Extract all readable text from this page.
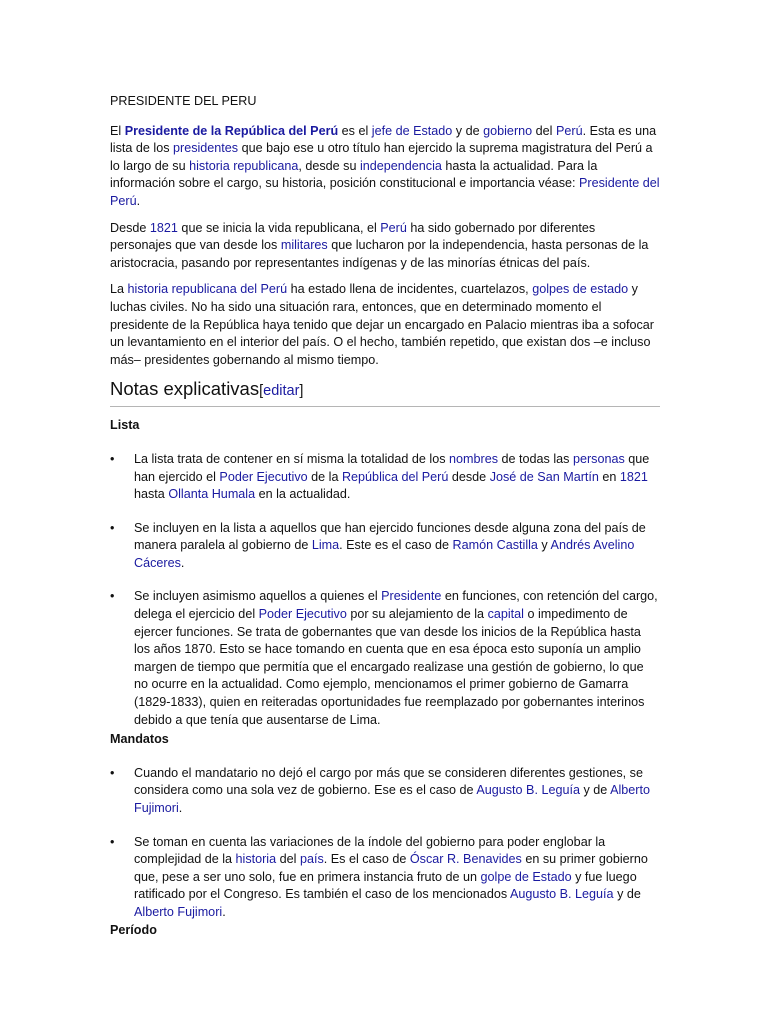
PRESIDENTE DEL PERU

El Presidente de la República del Perú es el jefe de Estado y de gobierno del Perú. Esta es una lista de los presidentes que bajo ese u otro título han ejercido la suprema magistratura del Perú a lo largo de su historia republicana, desde su independencia hasta la actualidad. Para la información sobre el cargo, su historia, posición constitucional e importancia véase: Presidente del Perú.

Desde 1821 que se inicia la vida republicana, el Perú ha sido gobernado por diferentes personajes que van desde los militares que lucharon por la independencia, hasta personas de la aristocracia, pasando por representantes indígenas y de las minorías étnicas del país.

La historia republicana del Perú ha estado llena de incidentes, cuartelazos, golpes de estado y luchas civiles. No ha sido una situación rara, entonces, que en determinado momento el presidente de la República haya tenido que dejar un encargado en Palacio mientras iba a sofocar un levantamiento en el interior del país. O el hecho, también repetido, que existan dos –e incluso más– presidentes gobernando al mismo tiempo.

Notas explicativas[editar]
Lista
• La lista trata de contener en sí misma la totalidad de los nombres de todas las personas que han ejercido el Poder Ejecutivo de la República del Perú desde José de San Martín en 1821 hasta Ollanta Humala en la actualidad.
• Se incluyen en la lista a aquellos que han ejercido funciones desde alguna zona del país de manera paralela al gobierno de Lima. Este es el caso de Ramón Castilla y Andrés Avelino Cáceres.
• Se incluyen asimismo aquellos a quienes el Presidente en funciones, con retención del cargo, delega el ejercicio del Poder Ejecutivo por su alejamiento de la capital o impedimento de ejercer funciones. Se trata de gobernantes que van desde los inicios de la República hasta los años 1870. Esto se hace tomando en cuenta que en esa época esto suponía un amplio margen de tiempo que permitía que el encargado realizase una gestión de gobierno, lo que no ocurre en la actualidad. Como ejemplo, mencionamos el primer gobierno de Gamarra (1829-1833), quien en reiteradas oportunidades fue reemplazado por gobernantes interinos debido a que tenía que ausentarse de Lima.
Mandatos
• Cuando el mandatario no dejó el cargo por más que se consideren diferentes gestiones, se considera como una sola vez de gobierno. Ese es el caso de Augusto B. Leguía y de Alberto Fujimori.
• Se toman en cuenta las variaciones de la índole del gobierno para poder englobar la complejidad de la historia del país. Es el caso de Óscar R. Benavides en su primer gobierno que, pese a ser uno solo, fue en primera instancia fruto de un golpe de Estado y fue luego ratificado por el Congreso. Es también el caso de los mencionados Augusto B. Leguía y de Alberto Fujimori.
Período
